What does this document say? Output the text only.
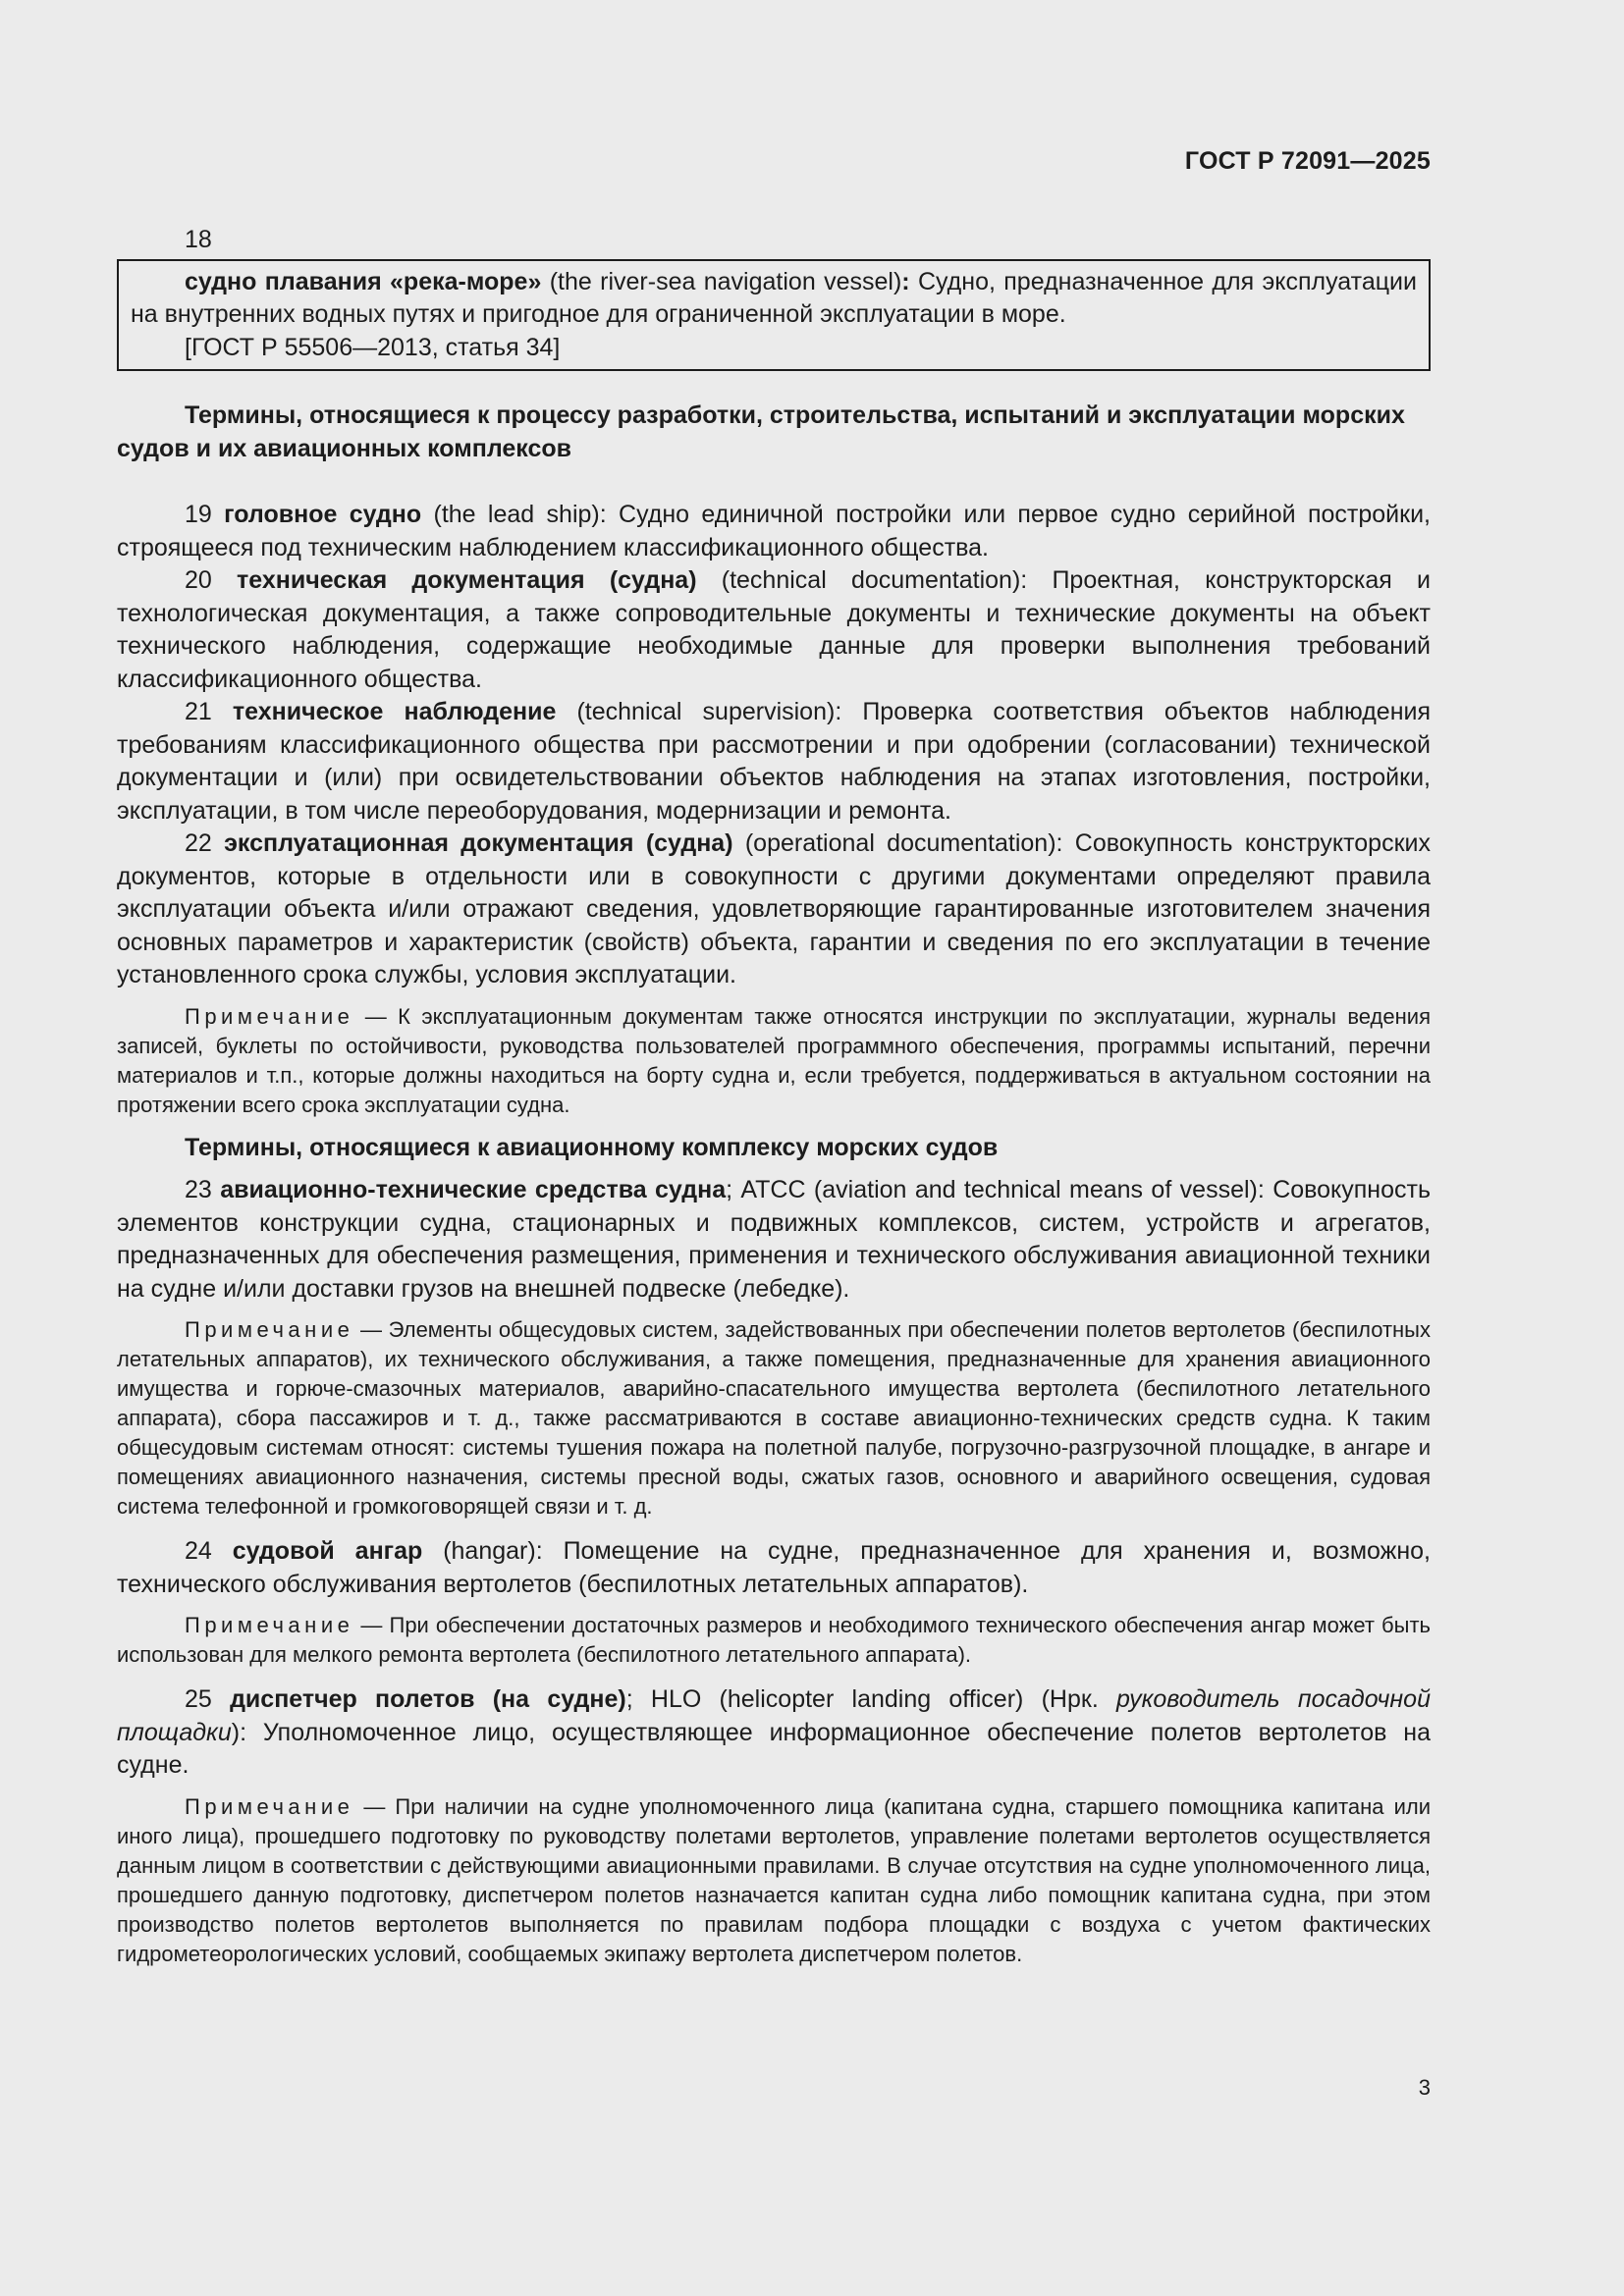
ГОСТ Р 72091—2025
18

судно плавания «река-море» (the river-sea navigation vessel): Судно, предназначенное для эксплуатации на внутренних водных путях и пригодное для ограниченной эксплуатации в море.

[ГОСТ Р 55506—2013, статья 34]

Термины, относящиеся к процессу разработки, строительства, испытаний и эксплуатации морских судов и их авиационных комплексов

19 головное судно (the lead ship): Судно единичной постройки или первое судно серийной постройки, строящееся под техническим наблюдением классификационного общества.

20 техническая документация (судна) (technical documentation): Проектная, конструкторская и технологическая документация, а также сопроводительные документы и технические документы на объект технического наблюдения, содержащие необходимые данные для проверки выполнения требований классификационного общества.

21 техническое наблюдение (technical supervision): Проверка соответствия объектов наблюдения требованиям классификационного общества при рассмотрении и при одобрении (согласовании) технической документации и (или) при освидетельствовании объектов наблюдения на этапах изготовления, постройки, эксплуатации, в том числе переоборудования, модернизации и ремонта.

22 эксплуатационная документация (судна) (operational documentation): Совокупность конструкторских документов, которые в отдельности или в совокупности с другими документами определяют правила эксплуатации объекта и/или отражают сведения, удовлетворяющие гарантированные изготовителем значения основных параметров и характеристик (свойств) объекта, гарантии и сведения по его эксплуатации в течение установленного срока службы, условия эксплуатации.

Примечание — К эксплуатационным документам также относятся инструкции по эксплуатации, журналы ведения записей, буклеты по остойчивости, руководства пользователей программного обеспечения, программы испытаний, перечни материалов и т.п., которые должны находиться на борту судна и, если требуется, поддерживаться в актуальном состоянии на протяжении всего срока эксплуатации судна.

Термины, относящиеся к авиационному комплексу морских судов

23 авиационно-технические средства судна; АТСС (aviation and technical means of vessel): Совокупность элементов конструкции судна, стационарных и подвижных комплексов, систем, устройств и агрегатов, предназначенных для обеспечения размещения, применения и технического обслуживания авиационной техники на судне и/или доставки грузов на внешней подвеске (лебедке).

Примечание — Элементы общесудовых систем, задействованных при обеспечении полетов вертолетов (беспилотных летательных аппаратов), их технического обслуживания, а также помещения, предназначенные для хранения авиационного имущества и горюче-смазочных материалов, аварийно-спасательного имущества вертолета (беспилотного летательного аппарата), сбора пассажиров и т. д., также рассматриваются в составе авиационно-технических средств судна. К таким общесудовым системам относят: системы тушения пожара на полетной палубе, погрузочно-разгрузочной площадке, в ангаре и помещениях авиационного назначения, системы пресной воды, сжатых газов, основного и аварийного освещения, судовая система телефонной и громкоговорящей связи и т. д.

24 судовой ангар (hangar): Помещение на судне, предназначенное для хранения и, возможно, технического обслуживания вертолетов (беспилотных летательных аппаратов).

Примечание — При обеспечении достаточных размеров и необходимого технического обеспечения ангар может быть использован для мелкого ремонта вертолета (беспилотного летательного аппарата).

25 диспетчер полетов (на судне); HLO (helicopter landing officer) (Нрк. руководитель посадочной площадки): Уполномоченное лицо, осуществляющее информационное обеспечение полетов вертолетов на судне.

Примечание — При наличии на судне уполномоченного лица (капитана судна, старшего помощника капитана или иного лица), прошедшего подготовку по руководству полетами вертолетов, управление полетами вертолетов осуществляется данным лицом в соответствии с действующими авиационными правилами. В случае отсутствия на судне уполномоченного лица, прошедшего данную подготовку, диспетчером полетов назначается капитан судна либо помощник капитана судна, при этом производство полетов вертолетов выполняется по правилам подбора площадки с воздуха с учетом фактических гидрометеорологических условий, сообщаемых экипажу вертолета диспетчером полетов.

3
